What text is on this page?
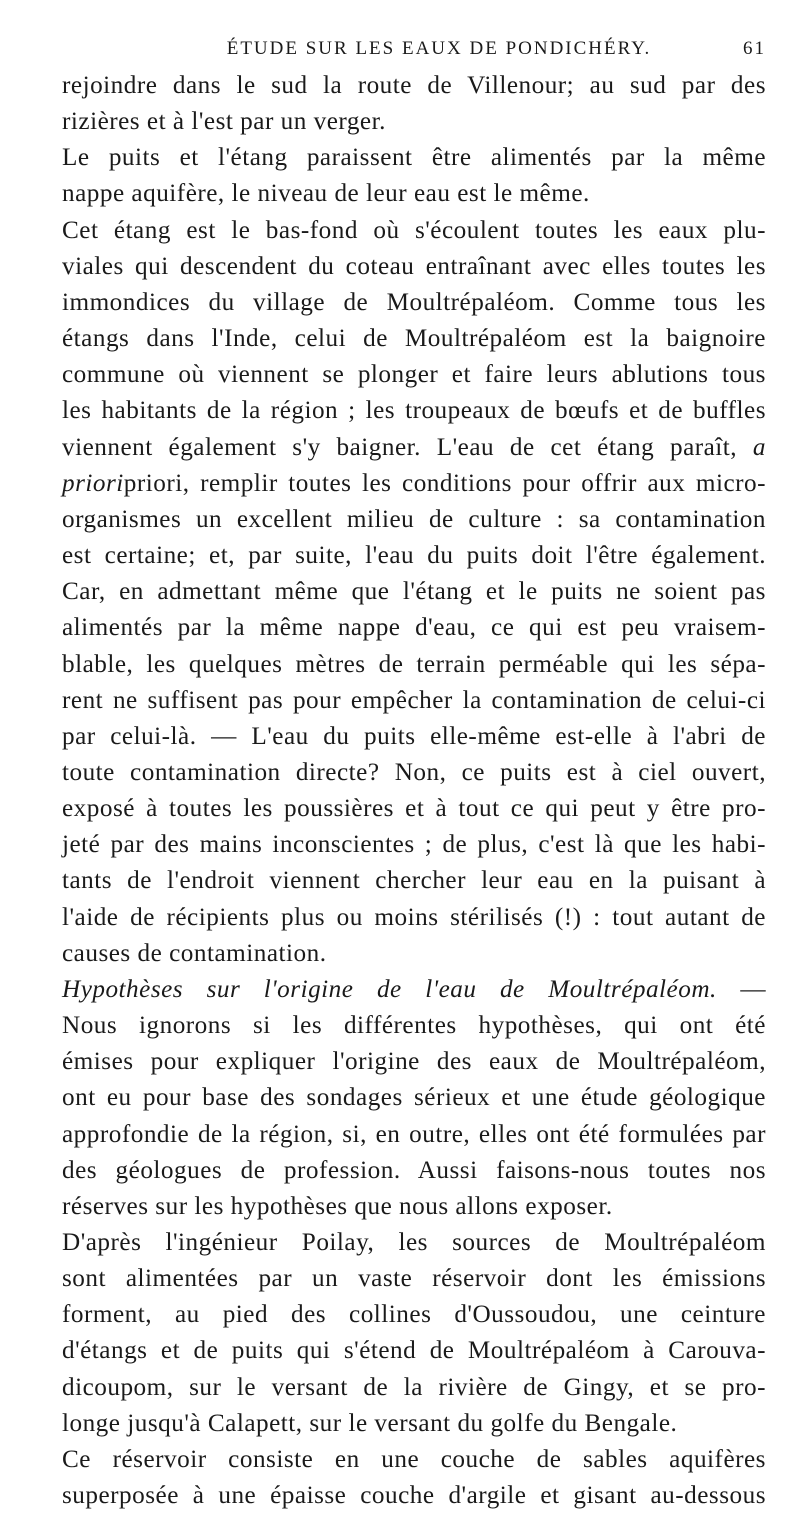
ÉTUDE SUR LES EAUX DE PONDICHÉRY.	61

rejoindre dans le sud la route de Villenour; au sud par des
rizières et à l'est par un verger.

Le puits et l'étang paraissent être alimentés par la même
nappe aquifère, le niveau de leur eau est le même.

Cet étang est le bas-fond où s'écoulent toutes les eaux plu-
viales qui descendent du coteau entraînant avec elles toutes les
immondices du village de Moultrépaléom. Comme tous les
étangs dans l'Inde, celui de Moultrépaléom est la baignoire
commune où viennent se plonger et faire leurs ablutions tous
les habitants de la région ; les troupeaux de bœufs et de buffles
viennent également s'y baigner. L'eau de cet étang paraît, a
prioripriori, remplir toutes les conditions pour offrir aux micro-
organismes un excellent milieu de culture : sa contamination
est certaine; et, par suite, l'eau du puits doit l'être également.
Car, en admettant même que l'étang et le puits ne soient pas
alimentés par la même nappe d'eau, ce qui est peu vraisem-
blable, les quelques mètres de terrain perméable qui les sépa-
rent ne suffisent pas pour empêcher la contamination de celui-ci
par celui-là. — L'eau du puits elle-même est-elle à l'abri de
toute contamination directe? Non, ce puits est à ciel ouvert,
exposé à toutes les poussières et à tout ce qui peut y être pro-
jeté par des mains inconscientes ; de plus, c'est là que les habi-
tants de l'endroit viennent chercher leur eau en la puisant à
l'aide de récipients plus ou moins stérilisés (!) : tout autant de
causes de contamination.

Hypothèses sur l'origine de l'eau de Moultrépaléom. —
Nous ignorons si les différentes hypothèses, qui ont été
émises pour expliquer l'origine des eaux de Moultrépaléom,
ont eu pour base des sondages sérieux et une étude géologique
approfondie de la région, si, en outre, elles ont été formulées par
des géologues de profession. Aussi faisons-nous toutes nos
réserves sur les hypothèses que nous allons exposer.

D'après l'ingénieur Poilay, les sources de Moultrépaléom
sont alimentées par un vaste réservoir dont les émissions
forment, au pied des collines d'Oussoudou, une ceinture
d'étangs et de puits qui s'étend de Moultrépaléom à Carouva-
dicoupom, sur le versant de la rivière de Gingy, et se pro-
longe jusqu'à Calapett, sur le versant du golfe du Bengale.

Ce réservoir consiste en une couche de sables aquifères
superposée à une épaisse couche d'argile et gisant au-dessous
